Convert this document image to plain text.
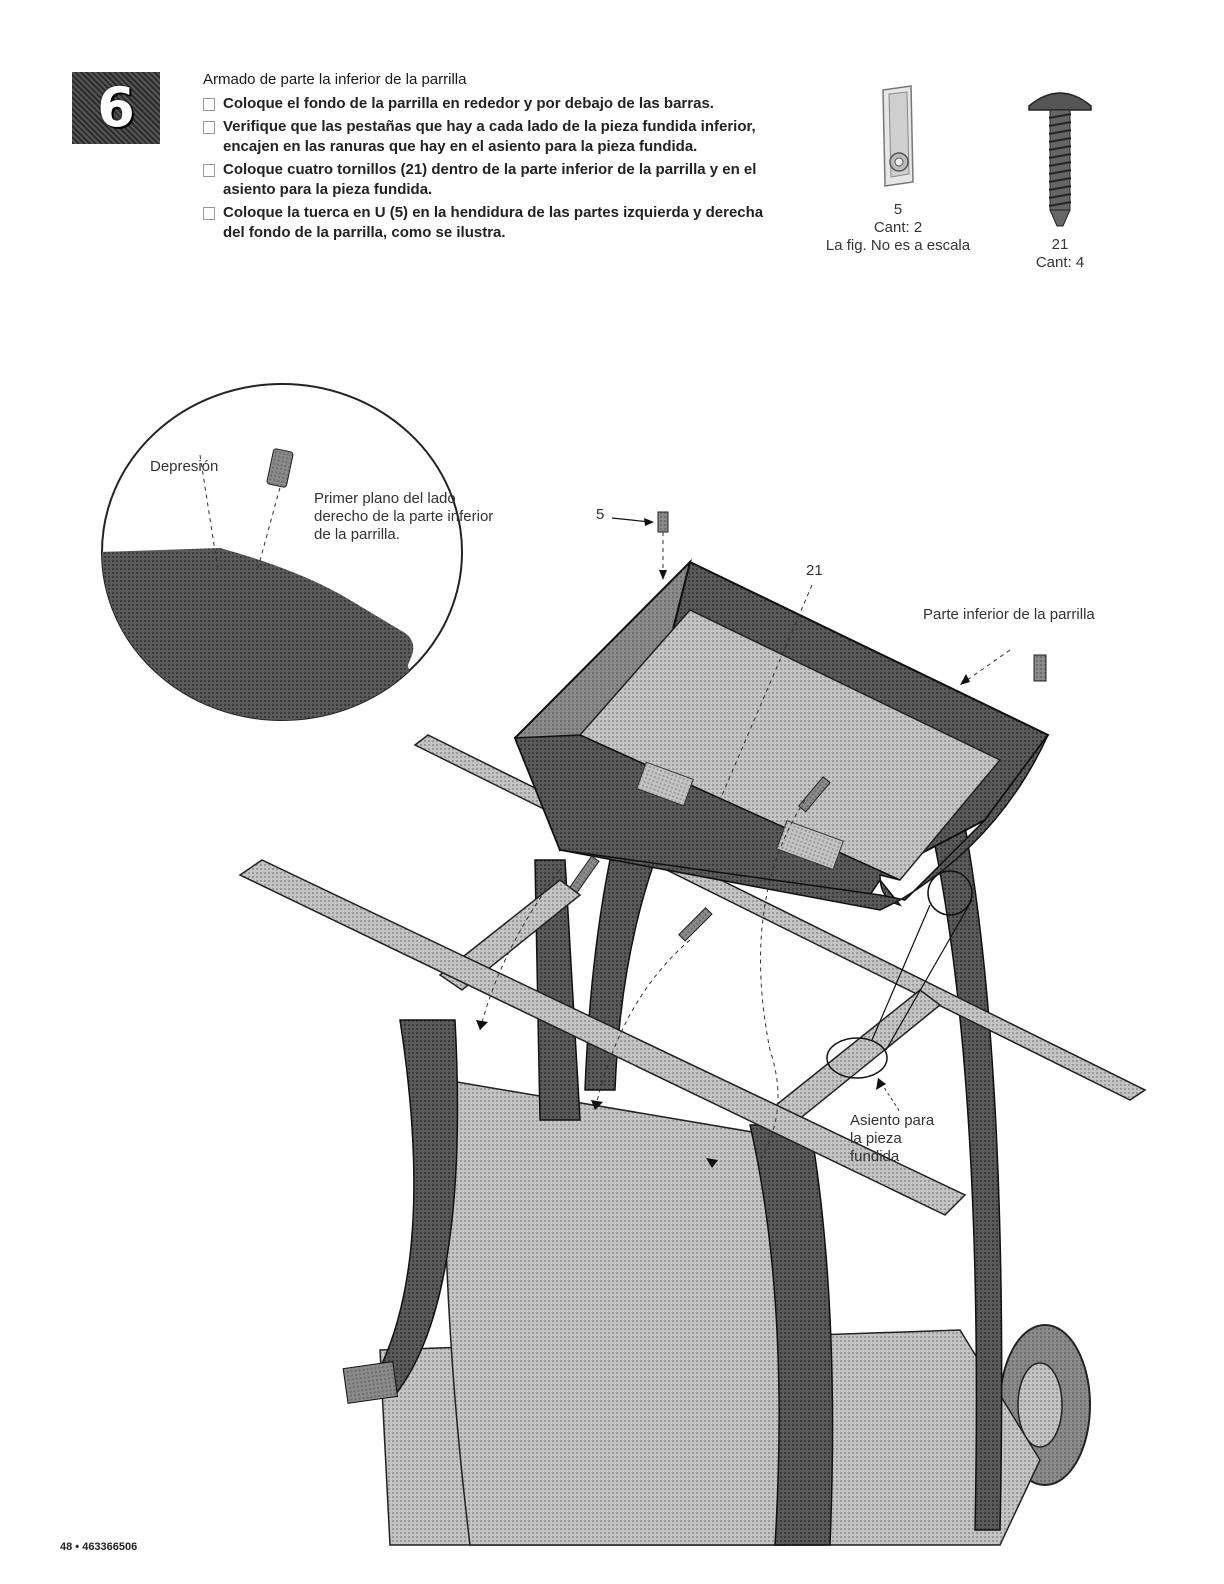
6	Armado de parte la inferior de la parrilla

Coloque el fondo de la parrilla en rededor y por debajo de las barras.
Verifique que las pestañas que hay a cada lado de la pieza fundida inferior, encajen en las ranuras que hay en el asiento para la pieza fundida.
Coloque cuatro tornillos (21) dentro de la parte inferior de la parrilla y en el asiento para la pieza fundida.
Coloque la tuerca en U (5) en la hendidura de las partes izquierda y derecha del fondo de la parrilla, como se ilustra.
5
Cant: 2
La fig. No es a escala	21
Cant: 4
Depresión
Primer plano del lado derecho de la parte inferior de la parrilla.
5
21
Parte inferior de la parrilla
Asiento para la pieza fundida
48 • 463366506
